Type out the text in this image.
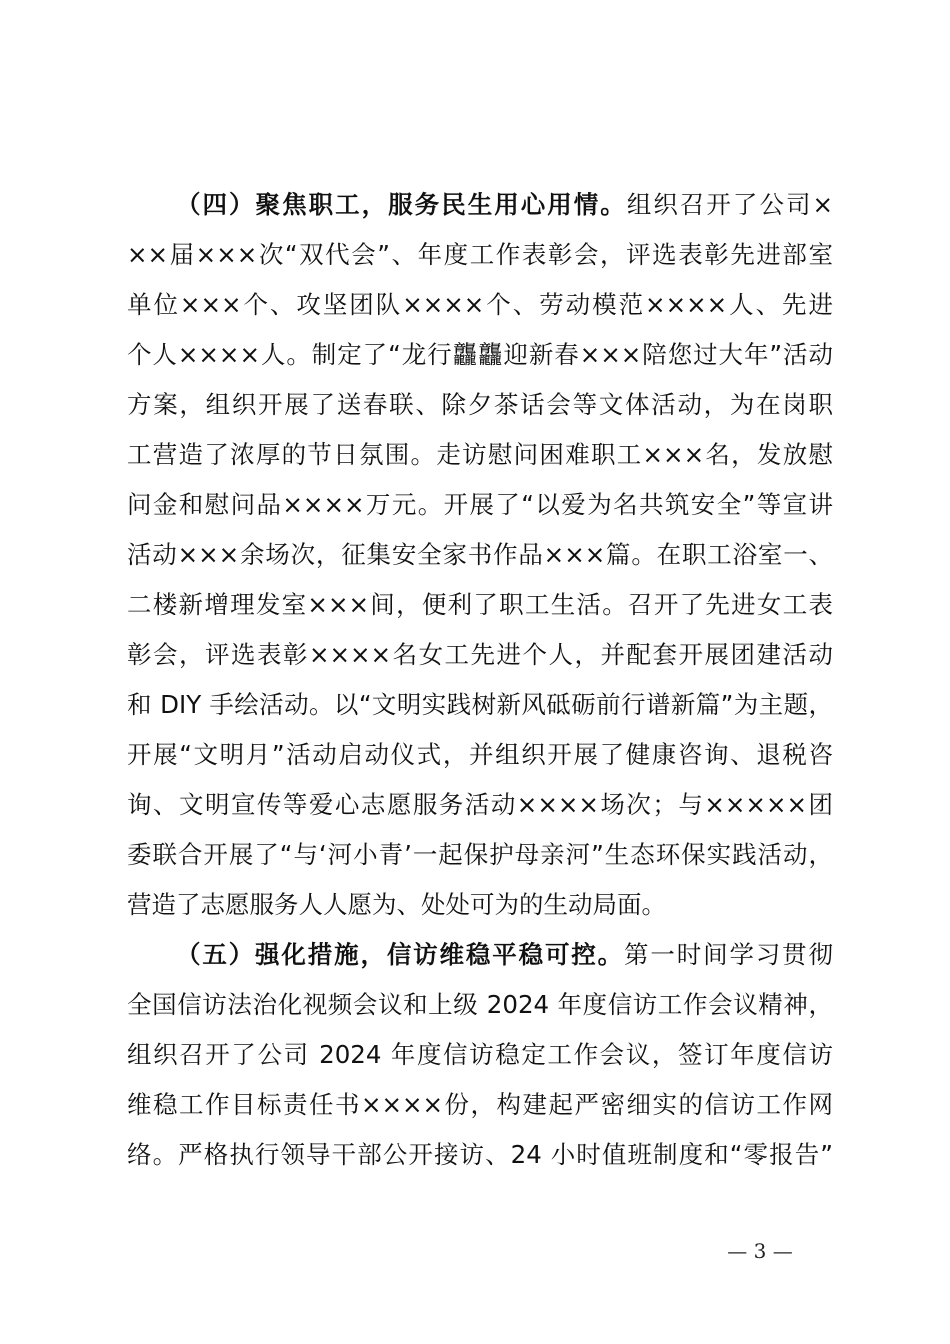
（四）聚焦职工，服务民生用心用情。组织召开了公司×
××届×××次“双代会”、年度工作表彰会，评选表彰先进部室
单位×××个、攻坚团队××××个、劳动模范××××人、先进
个人××××人。制定了“龙行龘龘迎新春×××陪您过大年”活动
方案，组织开展了送春联、除夕茶话会等文体活动，为在岗职
工营造了浓厚的节日氛围。走访慰问困难职工×××名，发放慰
问金和慰问品××××万元。开展了“以爱为名共筑安全”等宣讲
活动×××余场次，征集安全家书作品×××篇。在职工浴室一、
二楼新增理发室×××间，便利了职工生活。召开了先进女工表
彰会，评选表彰××××名女工先进个人，并配套开展团建活动
和 DIY 手绘活动。以“文明实践树新风砥砺前行谱新篇”为主题，
开展“文明月”活动启动仪式，并组织开展了健康咨询、退税咨
询、文明宣传等爱心志愿服务活动××××场次；与×××××团
委联合开展了“与‘河小青’一起保护母亲河”生态环保实践活动，
营造了志愿服务人人愿为、处处可为的生动局面。
（五）强化措施，信访维稳平稳可控。第一时间学习贯彻
全国信访法治化视频会议和上级 2024 年度信访工作会议精神，
组织召开了公司 2024 年度信访稳定工作会议，签订年度信访
维稳工作目标责任书××××份，构建起严密细实的信访工作网
络。严格执行领导干部公开接访、24 小时值班制度和“零报告”
— 3 —
